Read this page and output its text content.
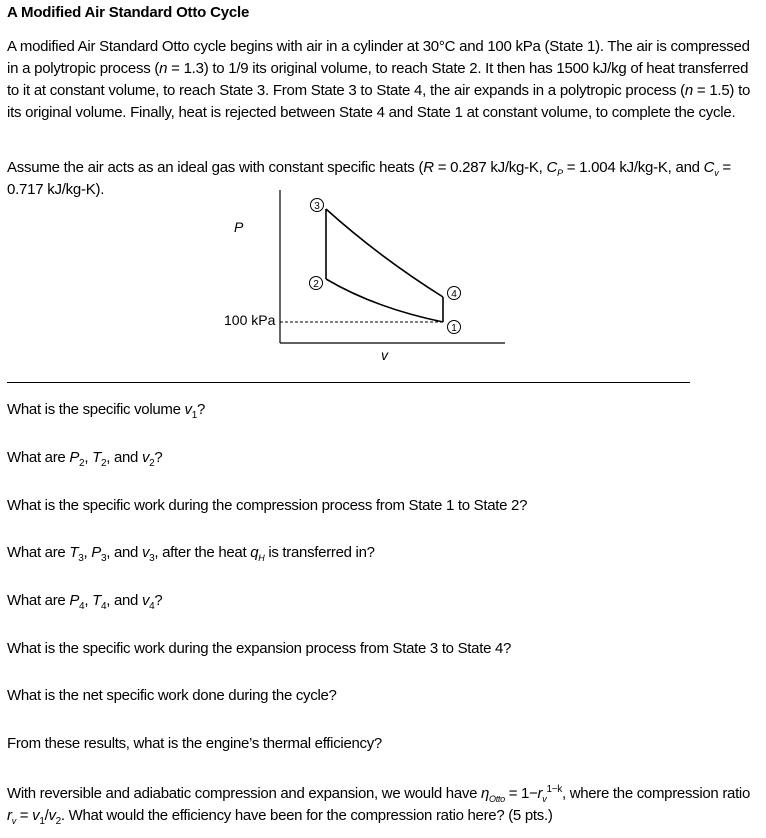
A Modified Air Standard Otto Cycle
A modified Air Standard Otto cycle begins with air in a cylinder at 30°C and 100 kPa (State 1). The air is compressed in a polytropic process (n = 1.3) to 1/9 its original volume, to reach State 2. It then has 1500 kJ/kg of heat transferred to it at constant volume, to reach State 3. From State 3 to State 4, the air expands in a polytropic process (n = 1.5) to its original volume. Finally, heat is rejected between State 4 and State 1 at constant volume, to complete the cycle.
Assume the air acts as an ideal gas with constant specific heats (R = 0.287 kJ/kg-K, $C_P = 1.004$ kJ/kg-K, and $C_v = 0.717$ kJ/kg-K).
P
v
100 kPa
3
2
4
1
What is the specific volume $v_1$?
What are $P_2$, $T_2$, and $v_2$?
What is the specific work during the compression process from State 1 to State 2?
What are $T_3$, $P_3$, and $v_3$, after the heat $q_H$ is transferred in?
What are $P_4$, $T_4$, and $v_4$?
What is the specific work during the expansion process from State 3 to State 4?
What is the net specific work done during the cycle?
From these results, what is the engine’s thermal efficiency?
With reversible and adiabatic compression and expansion, we would have $\eta_{Otto} = 1-r_v^{1-k}$, where the compression ratio $r_v = v_1/v_2$. What would the efficiency have been for the compression ratio here? (5 pts.)
